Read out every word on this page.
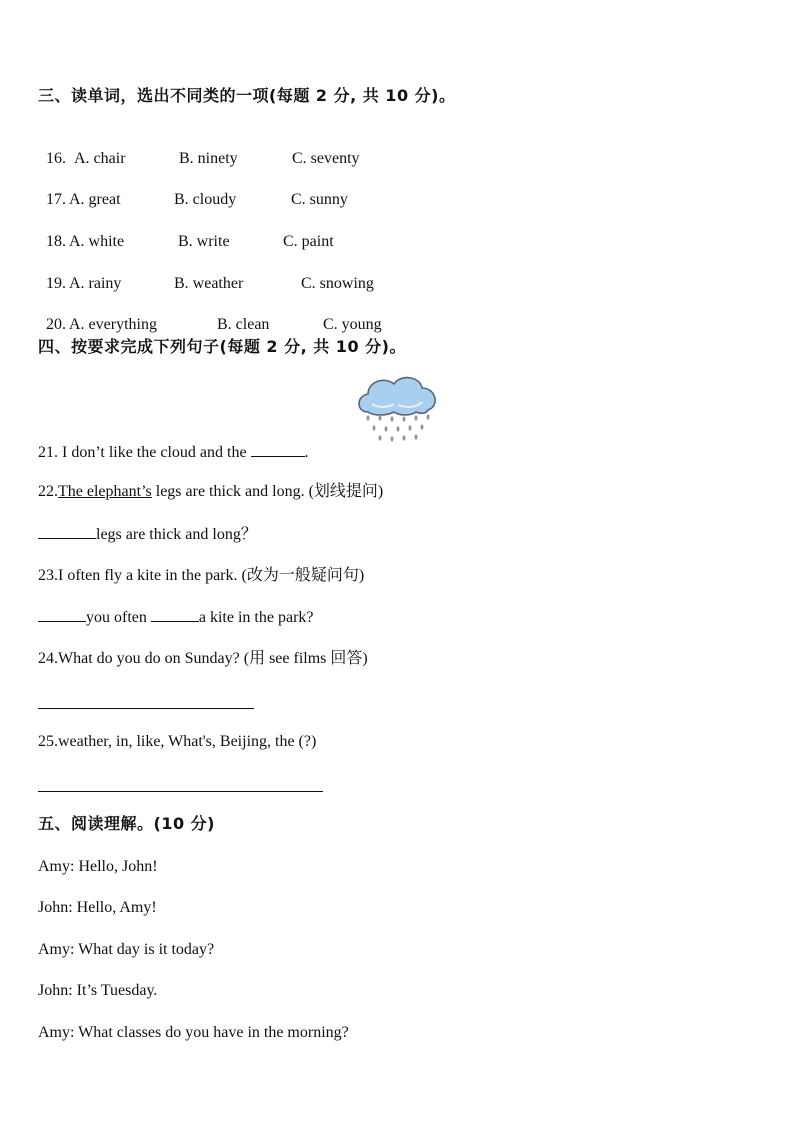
三、读单词，选出不同类的一项(每题 2 分, 共 10 分)。

16. A. chair	B. ninety	C. seventy

17. A. great	B. cloudy	C. sunny

18. A. white	B. write	C. paint

19. A. rainy	B. weather	C. snowing

20. A. everything	B. clean	C. young

四、按要求完成下列句子(每题 2 分, 共 10 分)。
21. I don’t like the cloud and the	.
22.The elephant’s legs are thick and long. (划线提问)
legs are thick and long？
23.I often fly a kite in the park. (改为一般疑问句)
you often	a kite in the park?
24.What do you do on Sunday? (用 see films 回答)
25.weather, in, like, What's, Beijing, the (?)
五、阅读理解。(10 分)
Amy: Hello, John!
John: Hello, Amy!
Amy: What day is it today?
John: It’s Tuesday.
Amy: What classes do you have in the morning?
